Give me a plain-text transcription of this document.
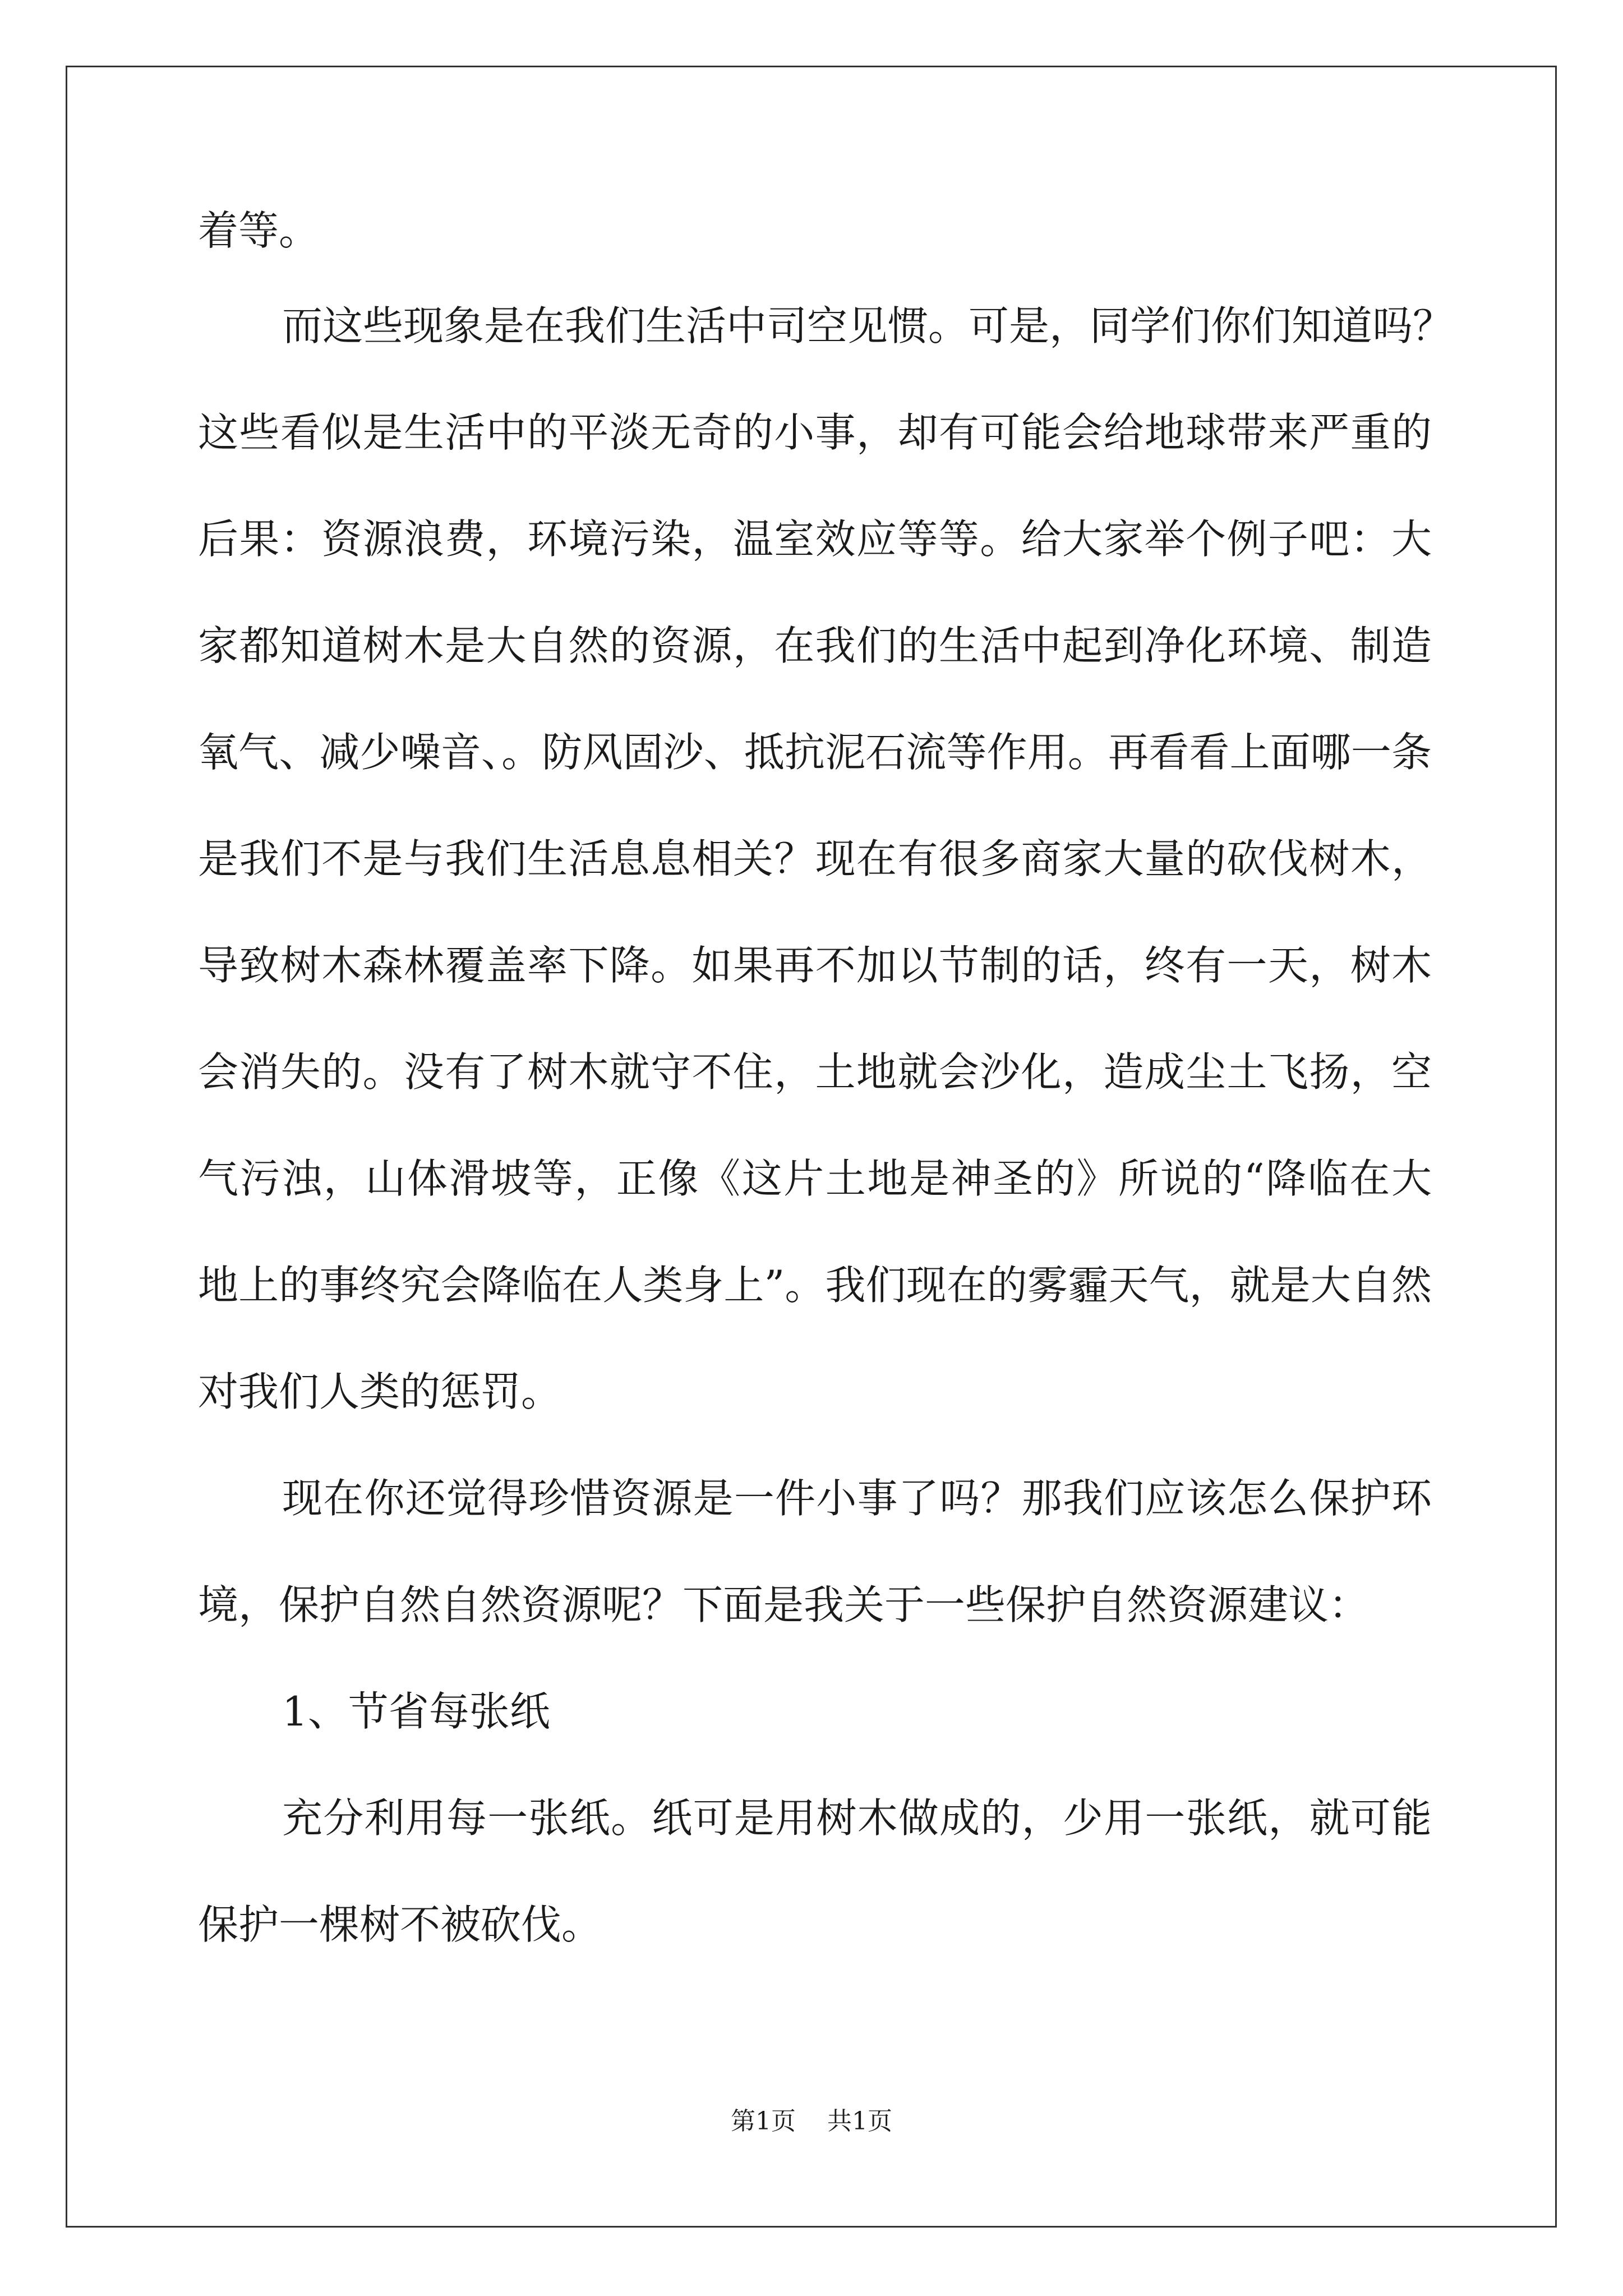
着等。
而这些现象是在我们生活中司空见惯。可是，同学们你们知道吗？
这些看似是生活中的平淡无奇的小事，却有可能会给地球带来严重的
后果：资源浪费，环境污染，温室效应等等。给大家举个例子吧：大
家都知道树木是大自然的资源，在我们的生活中起到净化环境、制造
氧气、减少噪音、。防风固沙、抵抗泥石流等作用。再看看上面哪一条
是我们不是与我们生活息息相关？现在有很多商家大量的砍伐树木，
导致树木森林覆盖率下降。如果再不加以节制的话，终有一天，树木
会消失的。没有了树木就守不住，土地就会沙化，造成尘土飞扬，空
气污浊，山体滑坡等，正像《这片土地是神圣的》所说的“降临在大
地上的事终究会降临在人类身上”。我们现在的雾霾天气，就是大自然
对我们人类的惩罚。
现在你还觉得珍惜资源是一件小事了吗？那我们应该怎么保护环
境，保护自然自然资源呢？下面是我关于一些保护自然资源建议：
1、节省每张纸
充分利用每一张纸。纸可是用树木做成的，少用一张纸，就可能
保护一棵树不被砍伐。
第1页 共1页
